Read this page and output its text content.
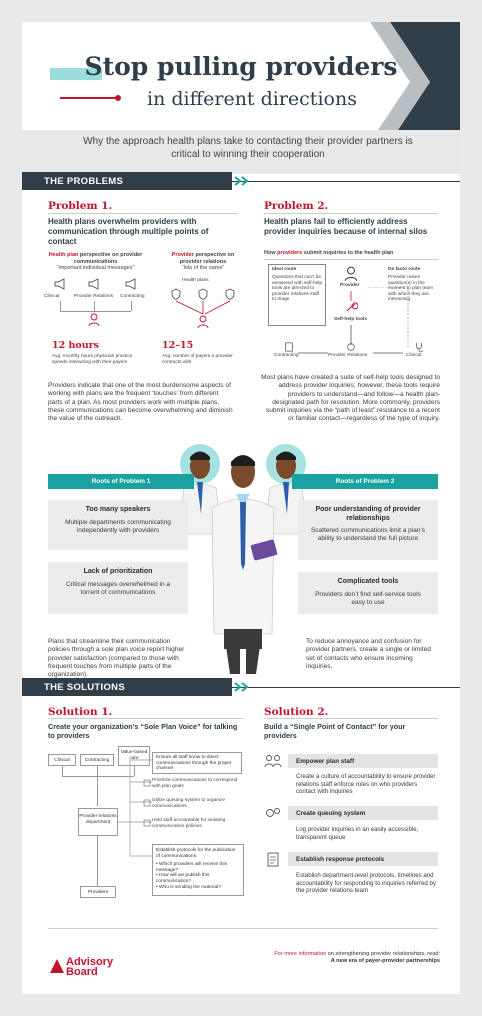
Stop pulling providers
in different directions
Why the approach health plans take to contacting their provider partners is critical to winning their cooperation
THE PROBLEMS
Problem 1.
Health plans overwhelm providers with communication through multiple points of contact
Health plan perspective on provider communications
“important individual messages”
Provider perspective on provider relations
“lots of the same”
Clinical	Provider Relations Contracting
Health plans
12 hours
Avg. monthly hours physician practice spends interacting with their payers
12–15
Avg. number of payers a provider contracts with
Providers indicate that one of the most burdensome aspects of working with plans are the frequent ‘touches’ from different parts of a plan. As most providers work with multiple plans, these communications can become overwhelming and diminish the value of the outreach.
Problem 2.
Health plans fail to efficiently address provider inquiries because of internal silos
How providers submit inquiries to the health plan
Ideal route
Questions that can’t be answered with self-help tools are directed to provider relations staff to triage
De facto route
Provider raises question(s) in the moment to plan team with which they are interacting
Provider
Self-help tools
Contracting	Provider Relations	Clinical
Most plans have created a suite of self-help tools designed to address provider inquiries; however, these tools require providers to understand—and follow—a health plan-designated path for resolution. More commonly, providers submit inquiries via the “path of least” resistance to a recent or familiar contact—regardless of the type of inquiry.
Roots of Problem 1
Too many speakers
Multiple departments communicating independently with providers
Lack of prioritization
Critical messages overwhelmed in a torrent of communications
Plans that streamline their communication policies through a sole plan voice report higher provider satisfaction (compared to those with frequent touches from multiple parts of the organization).
Roots of Problem 2
Poor understanding of provider relationships
Scattered communications limit a plan’s ability to understand the full picture
Complicated tools
Providers don’t find self-service tools easy to use
To reduce annoyance and confusion for provider partners, create a single or limited set of contacts who ensure incoming inquiries.
THE SOLUTIONS
Solution 1.
Create your organization’s “Sole Plan Voice” for talking to providers
Clinical	Contracting
Value-based care
Provider relations department
Providers
Ensure all staff know to direct communications through the proper channel
Prioritize communications to correspond with plan goals
Utilize queuing system to organize communications
Hold staff accountable for violating communication policies
Establish protocols for the publication of communications:
• Which providers will receive this message?
• How will we publish this communication?
• Who is sending the material?
Solution 2.
Build a “Single Point of Contact” for your providers
Empower plan staff
Create a culture of accountability to ensure provider relations staff enforce rules on who providers contact with inquiries
Create queuing system
Log provider inquiries in an easily accessible, transparent queue
Establish response protocols
Establish department-level protocols, timelines and accountability for responding to inquiries referred by the provider relations team
Advisory
Board
For more information on strengthening provider relationships, read:
A new era of payer-provider partnerships
